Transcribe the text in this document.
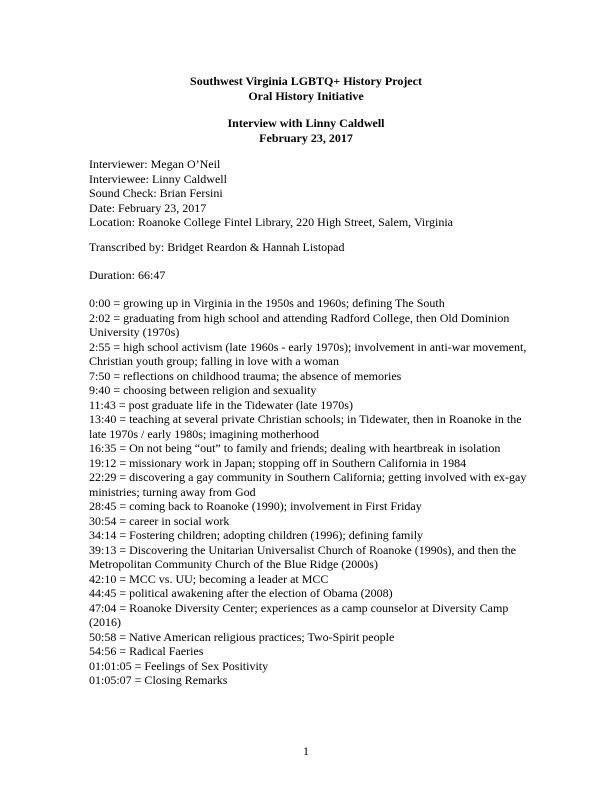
Southwest Virginia LGBTQ+ History Project
Oral History Initiative
Interview with Linny Caldwell
February 23, 2017
Interviewer: Megan O’Neil
Interviewee: Linny Caldwell
Sound Check: Brian Fersini
Date: February 23, 2017
Location: Roanoke College Fintel Library, 220 High Street, Salem, Virginia
Transcribed by: Bridget Reardon & Hannah Listopad
Duration: 66:47
0:00 = growing up in Virginia in the 1950s and 1960s; defining The South
2:02 = graduating from high school and attending Radford College, then Old Dominion University (1970s)
2:55 = high school activism (late 1960s - early 1970s); involvement in anti-war movement, Christian youth group; falling in love with a woman
7:50 = reflections on childhood trauma; the absence of memories
9:40 = choosing between religion and sexuality
11:43 = post graduate life in the Tidewater (late 1970s)
13:40 = teaching at several private Christian schools; in Tidewater, then in Roanoke in the late 1970s / early 1980s; imagining motherhood
16:35 = On not being “out” to family and friends; dealing with heartbreak in isolation
19:12 = missionary work in Japan; stopping off in Southern California in 1984
22:29 = discovering a gay community in Southern California; getting involved with ex-gay ministries; turning away from God
28:45 = coming back to Roanoke (1990); involvement in First Friday
30:54 = career in social work
34:14 = Fostering children; adopting children (1996); defining family
39:13 = Discovering the Unitarian Universalist Church of Roanoke (1990s), and then the Metropolitan Community Church of the Blue Ridge (2000s)
42:10 = MCC vs. UU; becoming a leader at MCC
44:45 = political awakening after the election of Obama (2008)
47:04 = Roanoke Diversity Center; experiences as a camp counselor at Diversity Camp (2016)
50:58 = Native American religious practices; Two-Spirit people
54:56 = Radical Faeries
01:01:05 = Feelings of Sex Positivity
01:05:07 = Closing Remarks
1
